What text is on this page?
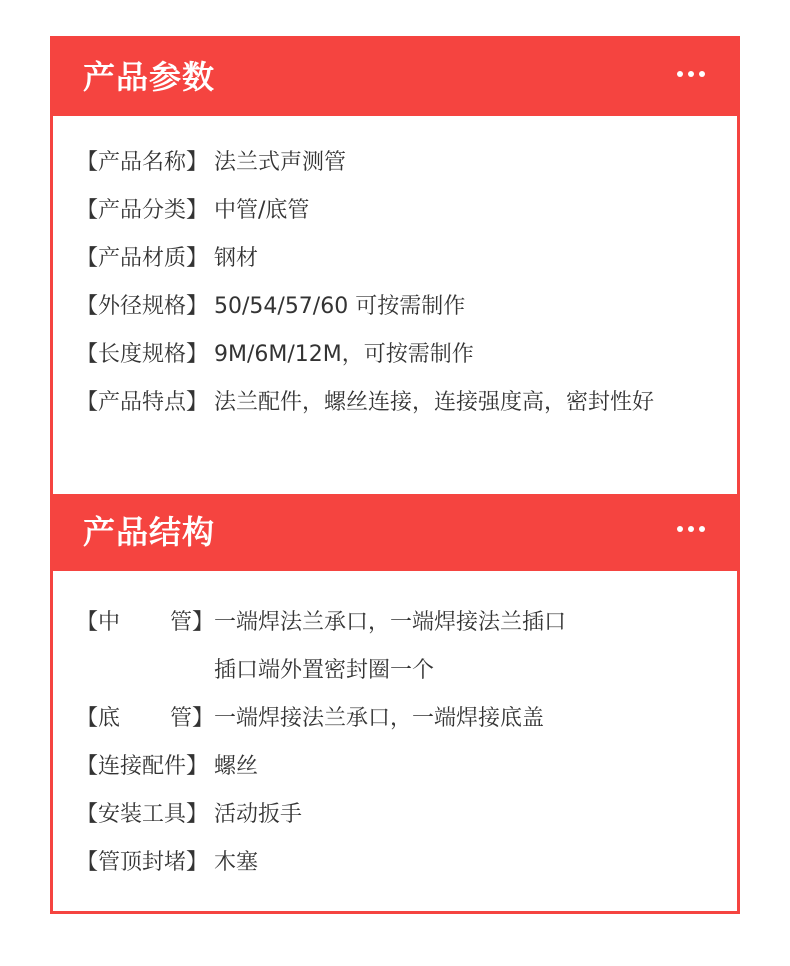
产品参数
【产品名称】 法兰式声测管
【产品分类】 中管/底管
【产品材质】 钢材
【外径规格】 50/54/57/60 可按需制作
【长度规格】 9M/6M/12M，可按需制作
【产品特点】 法兰配件，螺丝连接，连接强度高，密封性好
产品结构
【中 管】 一端焊法兰承口，一端焊接法兰插口
插口端外置密封圈一个
【底 管】 一端焊接法兰承口，一端焊接底盖
【连接配件】 螺丝
【安装工具】 活动扳手
【管顶封堵】 木塞
